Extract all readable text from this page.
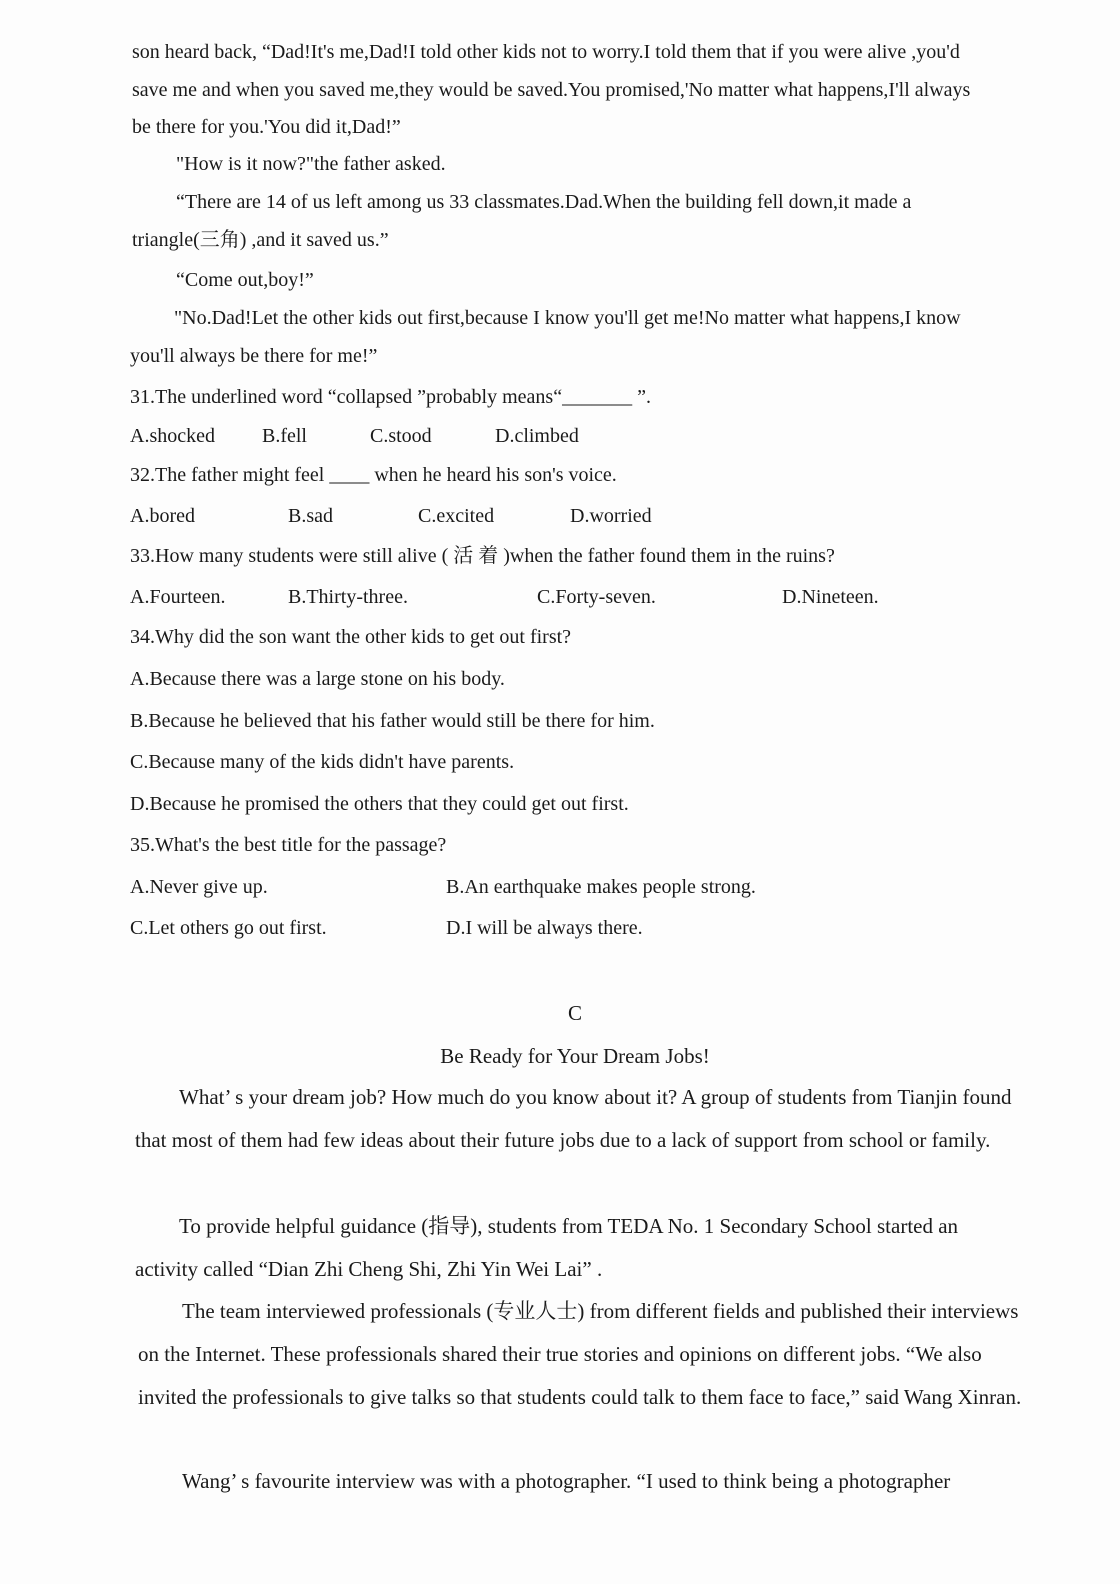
son heard back, “Dad!It's me,Dad!I told other kids not to worry.I told them that if you were alive ,you'd save me and when you saved me,they would be saved.You promised,'No matter what happens,I'll always be there for you.'You did it,Dad!”
"How is it now?"the father asked.
“There are 14 of us left among us 33 classmates.Dad.When the building fell down,it made a triangle(三角) ,and it saved us.”
“Come out,boy!”
"No.Dad!Let the other kids out first,because I know you'll get me!No matter what happens,I know you'll always be there for me!”
31.The underlined word “collapsed ”probably means“_______ ”.
A.shocked B.fell	C.stood	D.climbed
32.The father might feel ____ when he heard his son's voice.
A.bored	B.sad	C.excited	D.worried
33.How many students were still alive ( 活 着 )when the father found them in the ruins?
A.Fourteen.	B.Thirty-three.	C.Forty-seven.	D.Nineteen.
34.Why did the son want the other kids to get out first?
A.Because there was a large stone on his body.
B.Because he believed that his father would still be there for him.
C.Because many of the kids didn't have parents.
D.Because he promised the others that they could get out first.
35.What's the best title for the passage?
A.Never give up.	B.An earthquake makes people strong.
C.Let others go out first.	D.I will be always there.
C
Be Ready for Your Dream Jobs!
What’ s your dream job? How much do you know about it? A group of students from Tianjin found that most of them had few ideas about their future jobs due to a lack of support from school or family.
To provide helpful guidance (指导), students from TEDA No. 1 Secondary School started an activity called “Dian Zhi Cheng Shi, Zhi Yin Wei Lai” .
The team interviewed professionals (专业人士) from different fields and published their interviews on the Internet. These professionals shared their true stories and opinions on different jobs. “We also invited the professionals to give talks so that students could talk to them face to face,” said Wang Xinran.
Wang’ s favourite interview was with a photographer. “I used to think being a photographer
